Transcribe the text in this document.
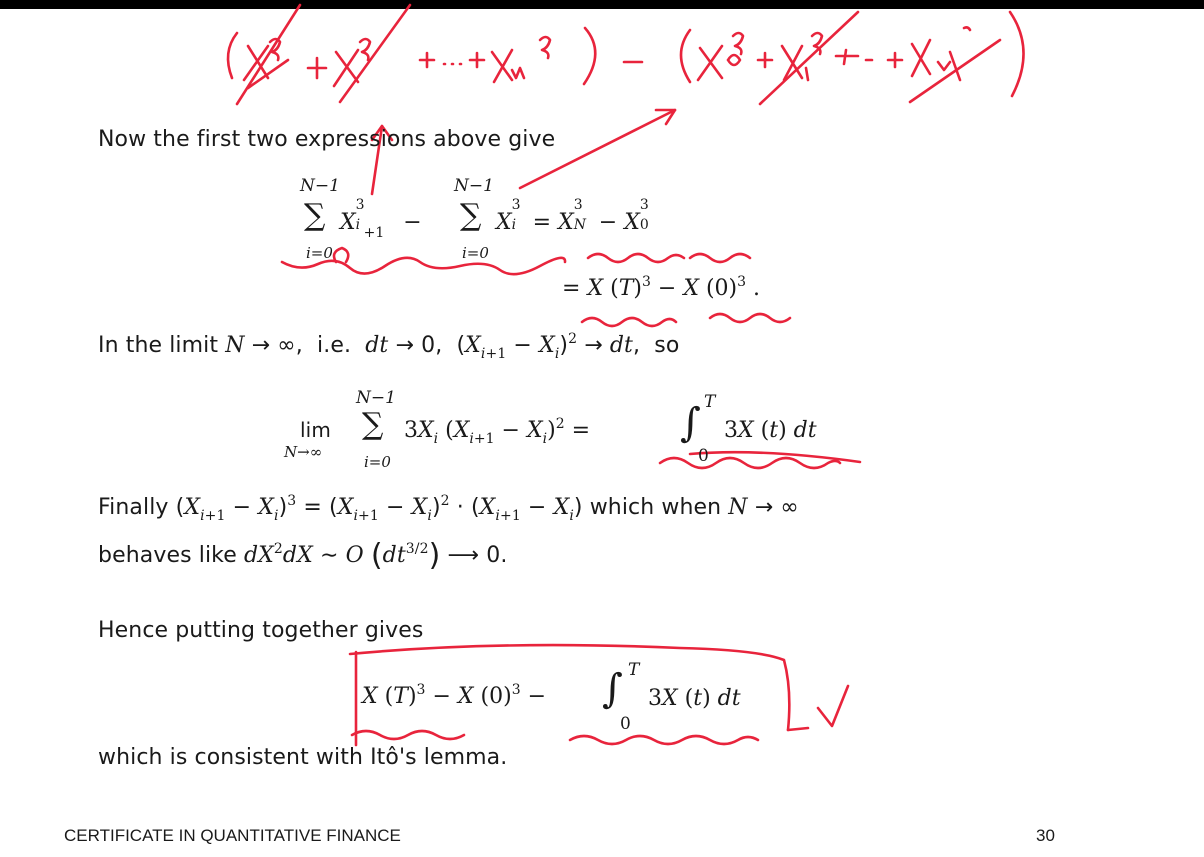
Now the first two expressions above give
N−1
∑
i=0
X
3
i $_{+1}$ −
N−1
∑
i=0
X
3
i = X
3
N − X
3
0
= X $(T)^3 - X$ $(0)^3$ .
In the limit N → ∞,  i.e. dt → 0,  $(X_{i+1} - X_i)^2$ → dt,  so
N−1
lim
N→∞
∑
i=0
$3X_i$ $(X_{i+1} - X_i)^2$ = ∫ T
0
3X (t) dt
Finally $(X_{i+1} - X_i)^3 = (X_{i+1} - X_i)^2 \cdot (X_{i+1} - X_i)$ which when N → ∞
behaves like $dX^2dX$ ∼ O $(dt^{3/2})$ ⟶ 0.
Hence putting together gives
X $(T)^3 - X$ $(0)^3$ − ∫ T
0
3X (t) dt
which is consistent with Itô's lemma.
CERTIFICATE IN QUANTITATIVE FINANCE	30
